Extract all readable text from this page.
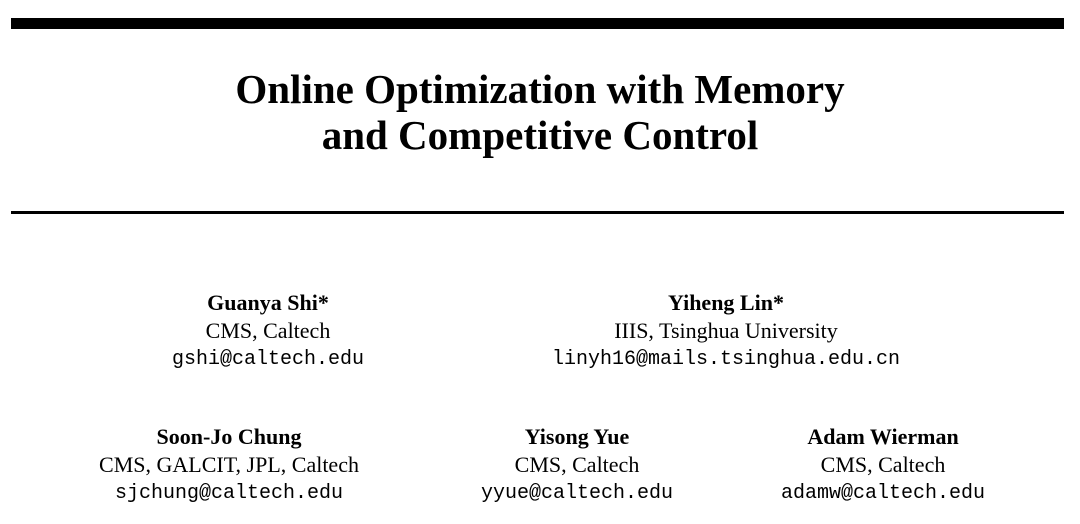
Online Optimization with Memory
and Competitive Control
Guanya Shi*
CMS, Caltech
gshi@caltech.edu
Yiheng Lin*
IIIS, Tsinghua University
linyh16@mails.tsinghua.edu.cn
Soon-Jo Chung
CMS, GALCIT, JPL, Caltech
sjchung@caltech.edu
Yisong Yue
CMS, Caltech
yyue@caltech.edu
Adam Wierman
CMS, Caltech
adamw@caltech.edu
